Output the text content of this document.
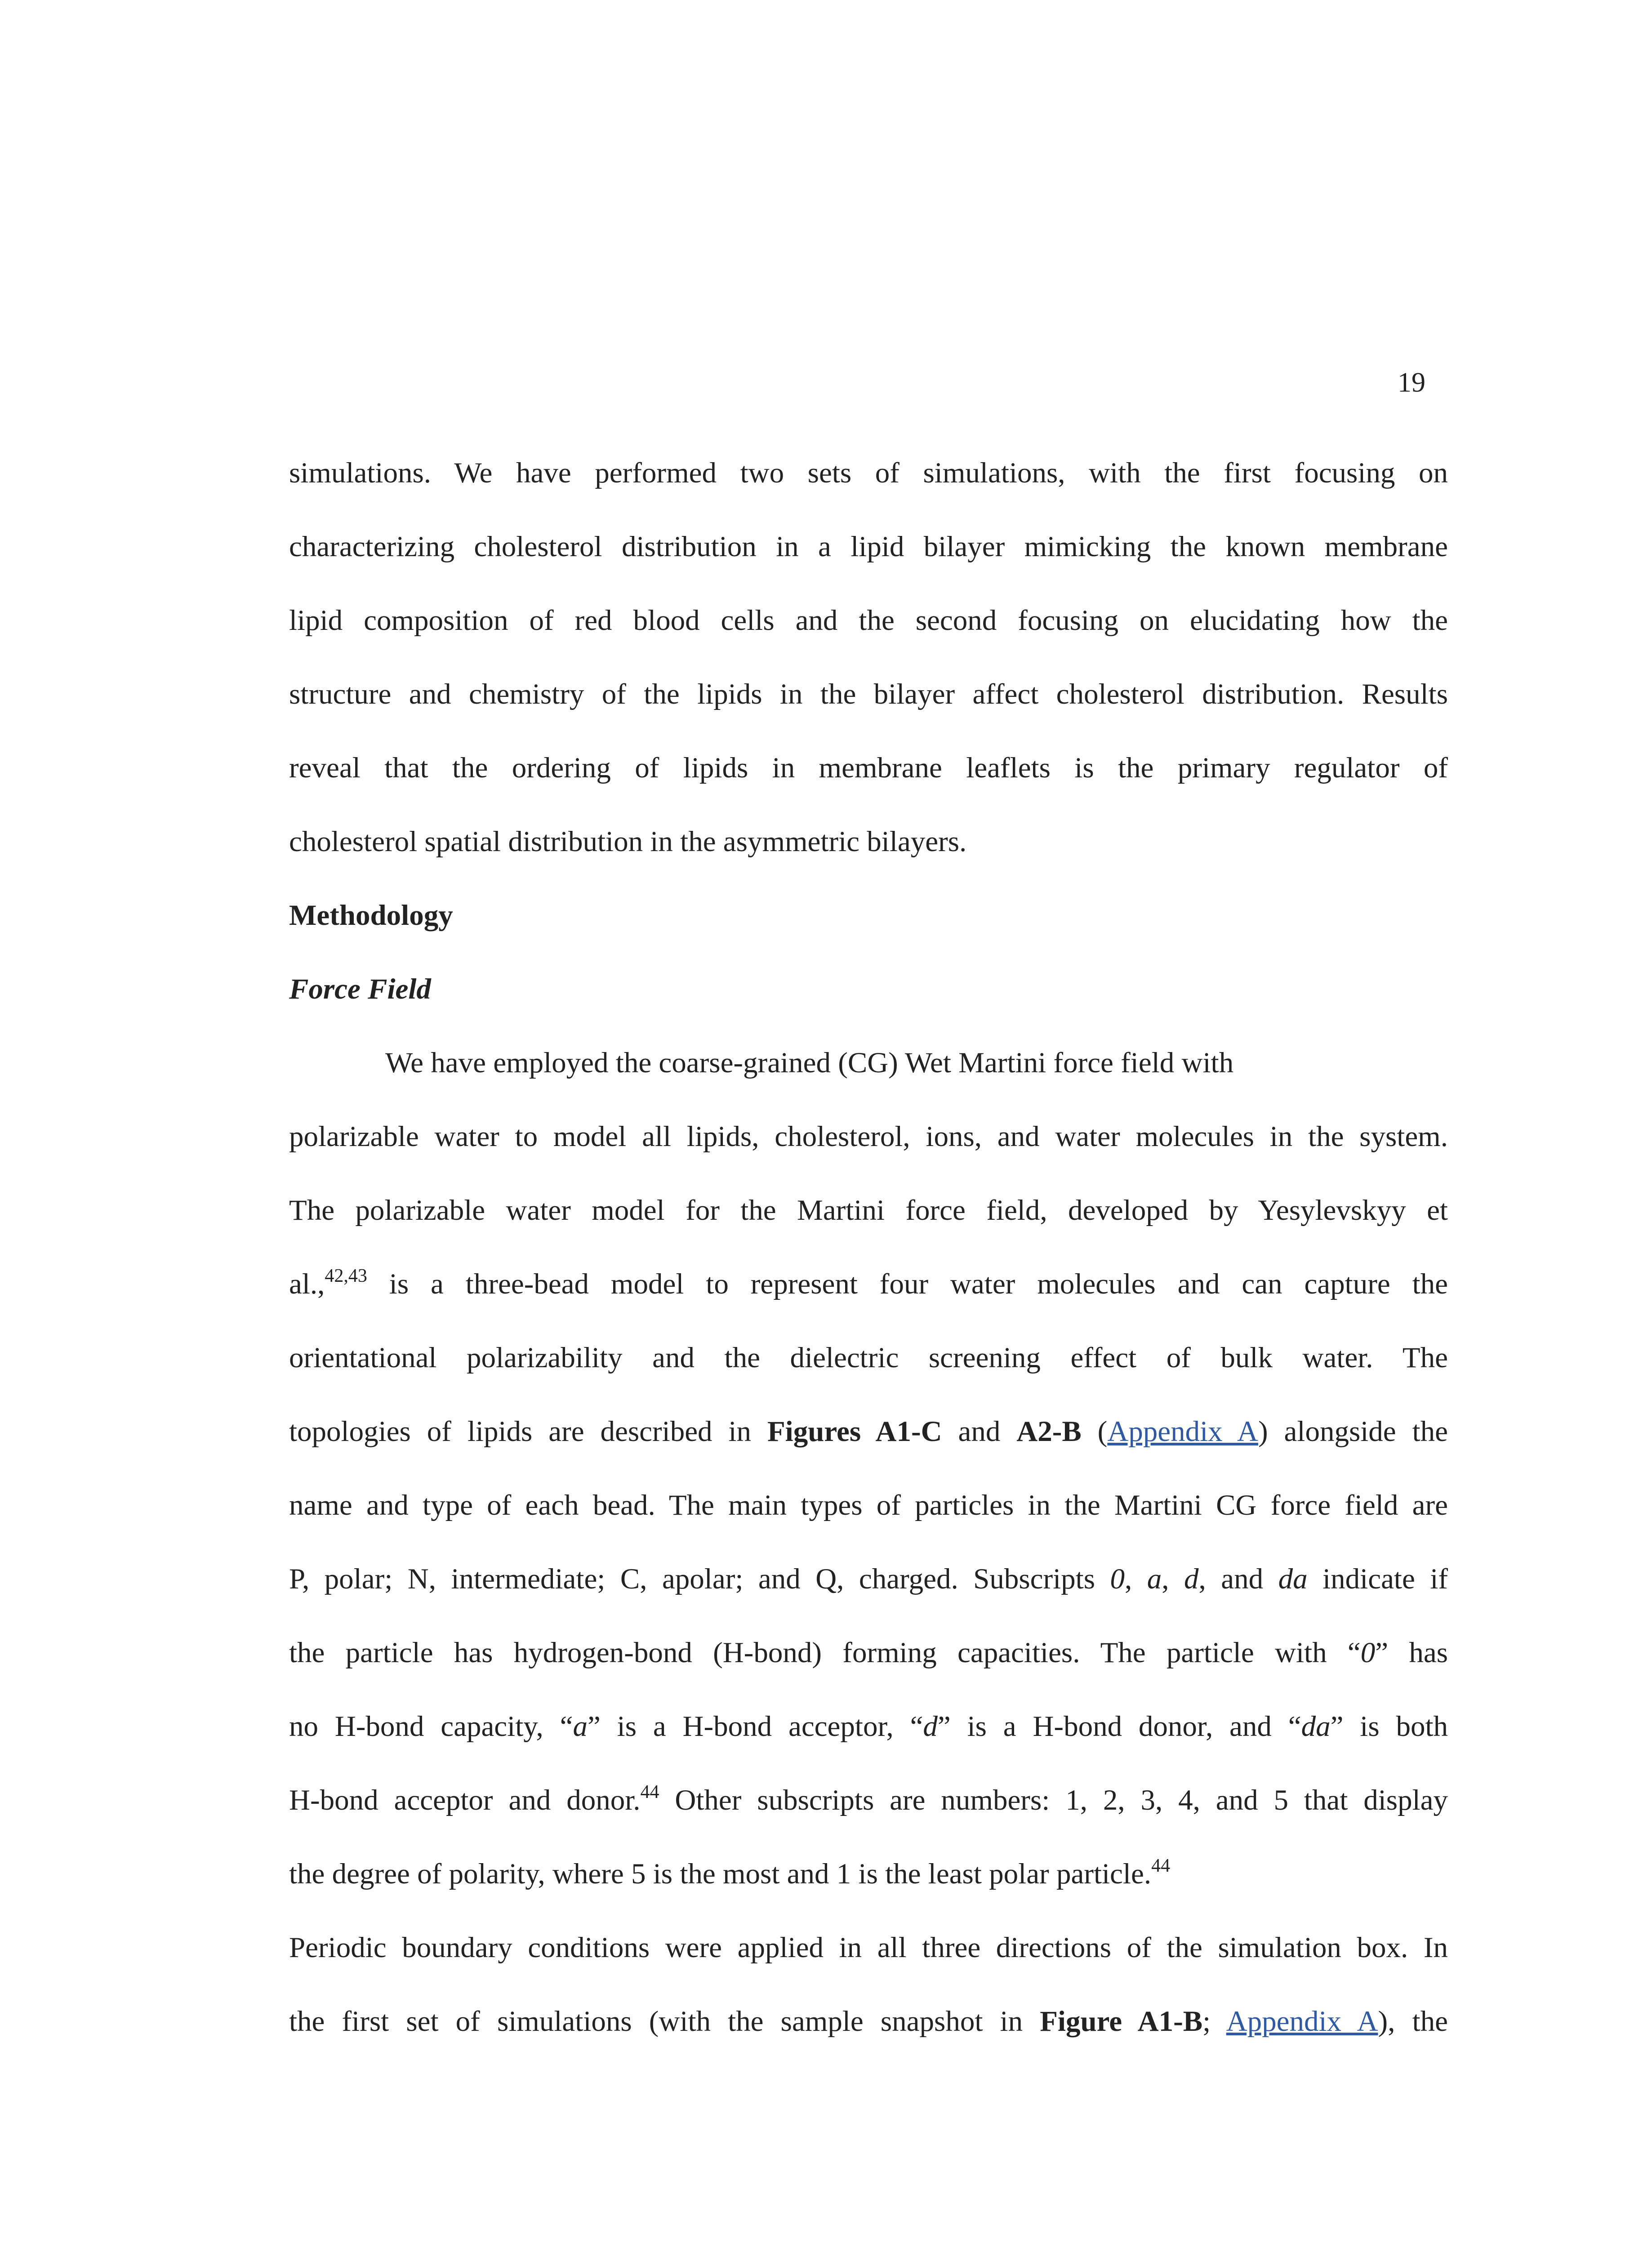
19
simulations. We have performed two sets of simulations, with the first focusing on
characterizing cholesterol distribution in a lipid bilayer mimicking the known membrane
lipid composition of red blood cells and the second focusing on elucidating how the
structure and chemistry of the lipids in the bilayer affect cholesterol distribution. Results
reveal that the ordering of lipids in membrane leaflets is the primary regulator of
cholesterol spatial distribution in the asymmetric bilayers.
Methodology
Force Field
We have employed the coarse-grained (CG) Wet Martini force field with
polarizable water to model all lipids, cholesterol, ions, and water molecules in the system.
The polarizable water model for the Martini force field, developed by Yesylevskyy et
al.,$^{42,43}$ is a three-bead model to represent four water molecules and can capture the
orientational polarizability and the dielectric screening effect of bulk water. The
topologies of lipids are described in Figures A1-C and A2-B (Appendix A) alongside the
name and type of each bead. The main types of particles in the Martini CG force field are
P, polar; N, intermediate; C, apolar; and Q, charged. Subscripts 0, a, d, and da indicate if
the particle has hydrogen-bond (H-bond) forming capacities. The particle with “0” has
no H-bond capacity, “a” is a H-bond acceptor, “d” is a H-bond donor, and “da” is both
H-bond acceptor and donor.$^{44}$ Other subscripts are numbers: 1, 2, 3, 4, and 5 that display
the degree of polarity, where 5 is the most and 1 is the least polar particle.$^{44}$
Periodic boundary conditions were applied in all three directions of the simulation box. In
the first set of simulations (with the sample snapshot in Figure A1-B; Appendix A), the
